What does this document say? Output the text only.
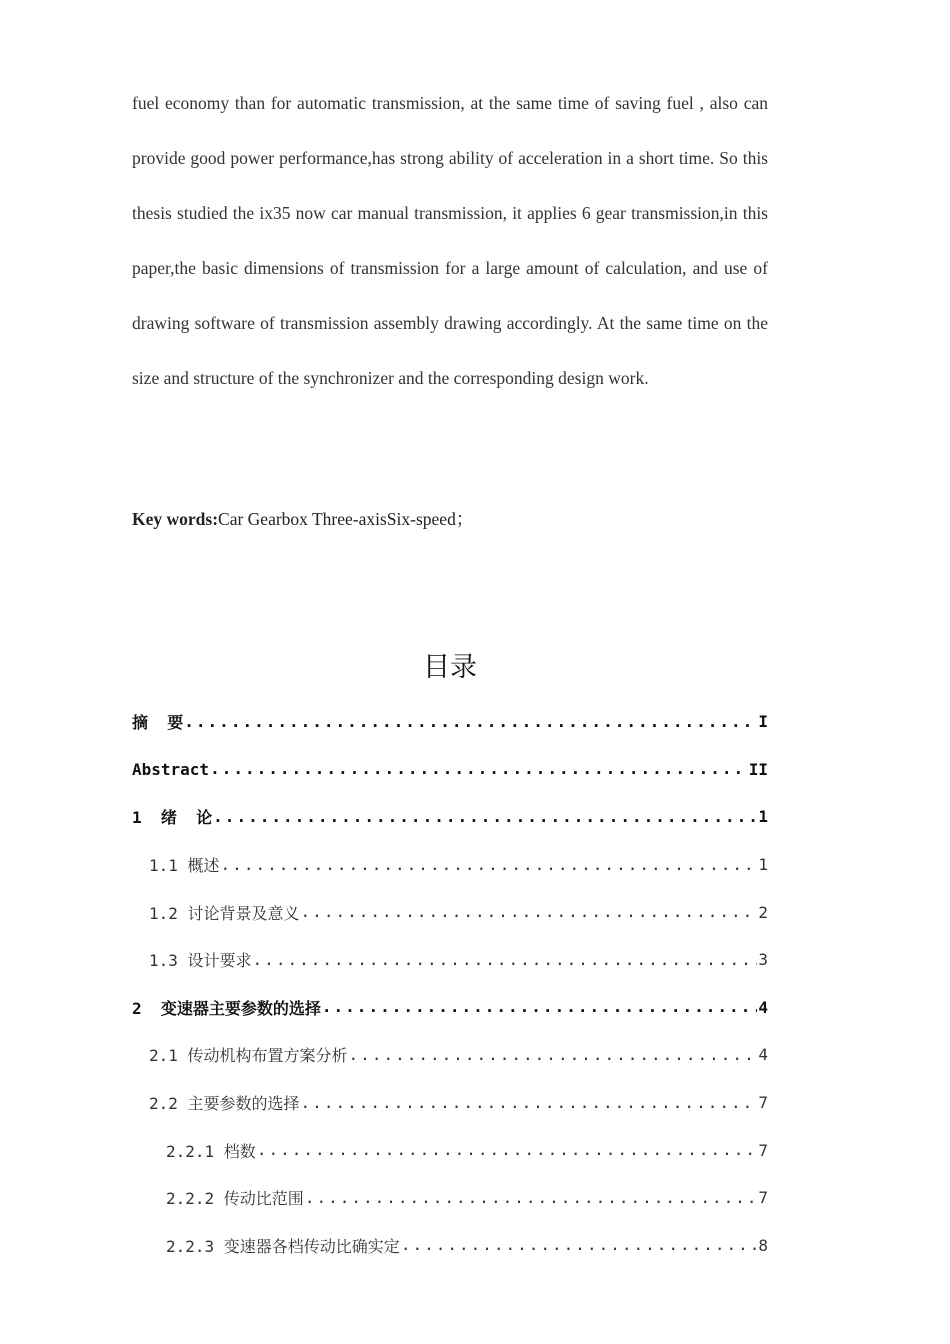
fuel economy than for automatic transmission, at the same time of saving fuel , also can provide good power performance,has strong ability of acceleration in a short time. So this thesis studied the ix35 now car manual transmission, it applies 6 gear transmission,in this paper,the basic dimensions of transmission for a large amount of calculation, and use of drawing software of transmission assembly drawing accordingly. At the same time on the size and structure of the synchronizer and the corresponding design work.

Key words:Car Gearbox Three-axisSix-speed；

目录
摘  要 .....	I
Abstract .....	II
1  绪  论 .....	1
1.1 概述 .....	1
1.2 讨论背景及意义 .....	2
1.3 设计要求 .....	3
2  变速器主要参数的选择 .....	4
2.1 传动机构布置方案分析 .....	4
2.2 主要参数的选择 .....	7
2.2.1 档数 .....	7
2.2.2 传动比范围 .....	7
2.2.3 变速器各档传动比确实定 .....	8
